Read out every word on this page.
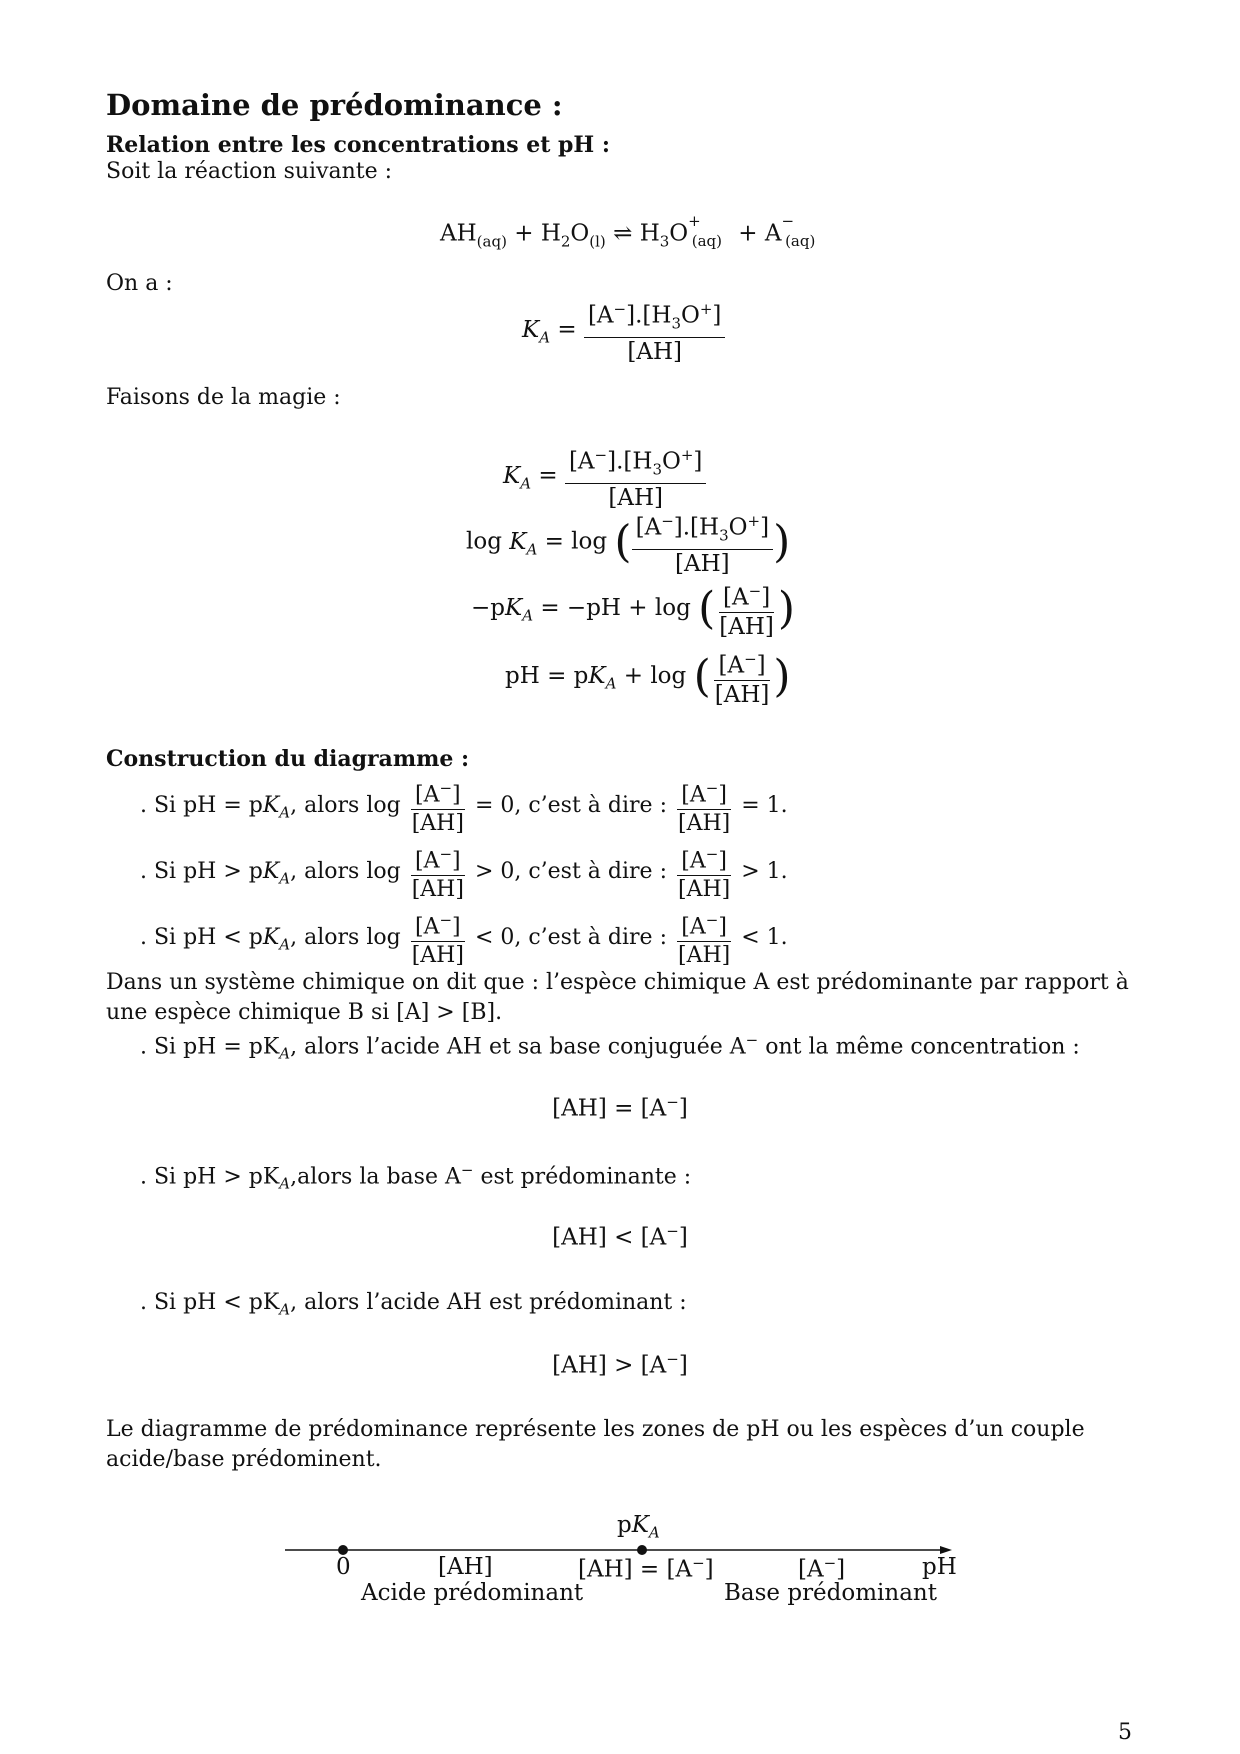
Domaine de prédominance :
Relation entre les concentrations et pH :
Soit la réaction suivante :
$AH_{(aq)} + H_2O_{(l)}$ ⇌ $H_3O^+_{(aq)} + A^-_{(aq)}$
On a :
$K_A = \frac{[A^-].[H_3O^+]}{[AH]}$
Faisons de la magie :
$K_A = \frac{[A^-].[H_3O^+]}{[AH]}$
$\log K_A = \log$ ( $\frac{[A^-].[H_3O^+]}{[AH]}$ )
$-pK_A = -pH + \log$ ( $\frac{[A^-]}{[AH]}$ )
pH = $pK_A + \log$ ( $\frac{[A^-]}{[AH]}$ )
Construction du diagramme :
. Si pH = $pK_A$, alors $\log \frac{[A^-]}{[AH]} = 0$, c’est à dire : $\frac{[A^-]}{[AH]} = 1$.
. Si pH > $pK_A$, alors $\log \frac{[A^-]}{[AH]} > 0$, c’est à dire : $\frac{[A^-]}{[AH]} > 1$.
. Si pH < $pK_A$, alors $\log \frac{[A^-]}{[AH]} < 0$, c’est à dire : $\frac{[A^-]}{[AH]} < 1$.
Dans un système chimique on dit que : l’espèce chimique A est prédominante par rapport à une espèce chimique B si [A] > [B].
. Si pH = $pK_A$, alors l’acide AH et sa base conjuguée A− ont la même concentration :
[AH] = [A−]
. Si pH > $pK_A,alors$ la base A− est prédominante :
[AH] < [A−]
. Si pH < $pK_A$, alors l’acide AH est prédominant :
[AH] > [A−]
Le diagramme de prédominance représente les zones de pH ou les espèces d’un couple acide/base prédominent.
$pK_A$
0	pH
[AH]
Acide prédominant
[AH] = [A−]	[A−]
Base prédominant
5
